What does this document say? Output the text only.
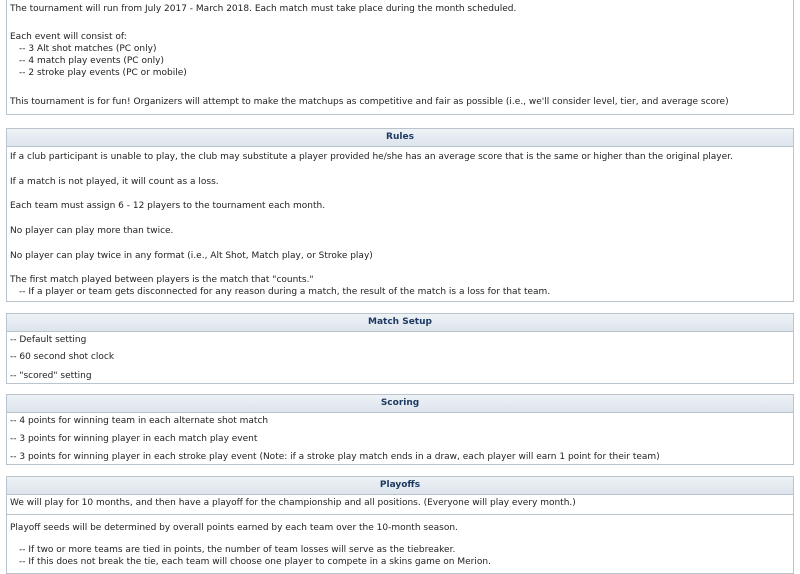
The tournament will run from July 2017 - March 2018. Each match must take place during the month scheduled.
Each event will consist of:
-- 3 Alt shot matches (PC only)
-- 4 match play events (PC only)
-- 2 stroke play events (PC or mobile)
This tournament is for fun! Organizers will attempt to make the matchups as competitive and fair as possible (i.e., we'll consider level, tier, and average score)
Rules
If a club participant is unable to play, the club may substitute a player provided he/she has an average score that is the same or higher than the original player.
If a match is not played, it will count as a loss.
Each team must assign 6 - 12 players to the tournament each month.
No player can play more than twice.
No player can play twice in any format (i.e., Alt Shot, Match play, or Stroke play)
The first match played between players is the match that "counts."
-- If a player or team gets disconnected for any reason during a match, the result of the match is a loss for that team.
Match Setup
-- Default setting
-- 60 second shot clock
-- "scored" setting
Scoring
-- 4 points for winning team in each alternate shot match
-- 3 points for winning player in each match play event
-- 3 points for winning player in each stroke play event (Note: if a stroke play match ends in a draw, each player will earn 1 point for their team)
Playoffs
We will play for 10 months, and then have a playoff for the championship and all positions. (Everyone will play every month.)
Playoff seeds will be determined by overall points earned by each team over the 10-month season.
-- If two or more teams are tied in points, the number of team losses will serve as the tiebreaker.
-- If this does not break the tie, each team will choose one player to compete in a skins game on Merion.
